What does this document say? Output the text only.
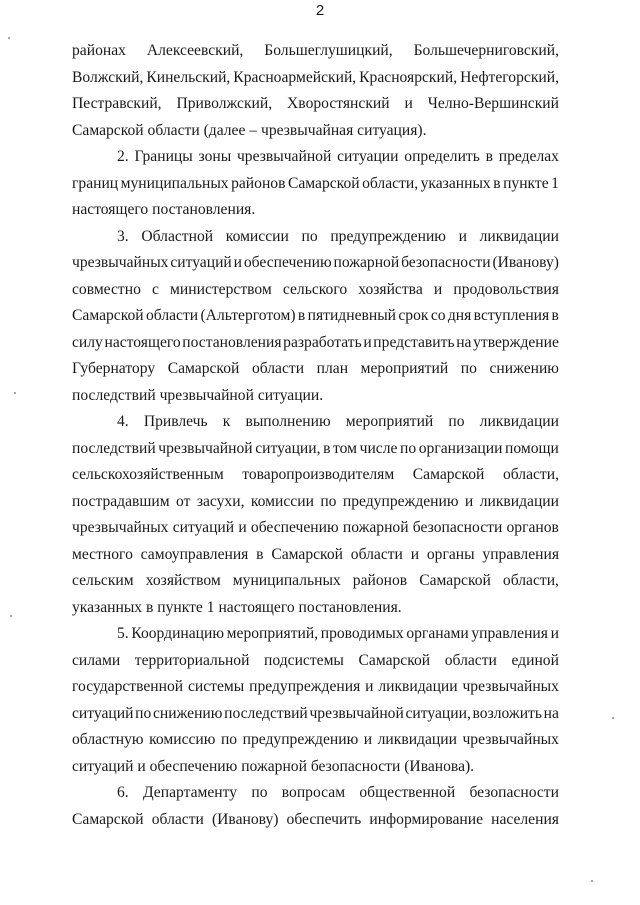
2
районах Алексеевский, Большеглушицкий, Большечерниговский,
Волжский, Кинельский, Красноармейский, Красноярский, Нефтегорский,
Пестравский, Приволжский, Хворостянский и Челно-Вершинский
Самарской области (далее – чрезвычайная ситуация).
2. Границы зоны чрезвычайной ситуации определить в пределах
границ муниципальных районов Самарской области, указанных в пункте 1
настоящего постановления.
3. Областной комиссии по предупреждению и ликвидации
чрезвычайных ситуаций и обеспечению пожарной безопасности (Иванову)
совместно с министерством сельского хозяйства и продовольствия
Самарской области (Альтерготом) в пятидневный срок со дня вступления в
силу настоящего постановления разработать и представить на утверждение
Губернатору Самарской области план мероприятий по снижению
последствий чрезвычайной ситуации.
4. Привлечь к выполнению мероприятий по ликвидации
последствий чрезвычайной ситуации, в том числе по организации помощи
сельскохозяйственным товаропроизводителям Самарской области,
пострадавшим от засухи, комиссии по предупреждению и ликвидации
чрезвычайных ситуаций и обеспечению пожарной безопасности органов
местного самоуправления в Самарской области и органы управления
сельским хозяйством муниципальных районов Самарской области,
указанных в пункте 1 настоящего постановления.
5. Координацию мероприятий, проводимых органами управления и
силами территориальной подсистемы Самарской области единой
государственной системы предупреждения и ликвидации чрезвычайных
ситуаций по снижению последствий чрезвычайной ситуации, возложить на
областную комиссию по предупреждению и ликвидации чрезвычайных
ситуаций и обеспечению пожарной безопасности (Иванова).
6. Департаменту по вопросам общественной безопасности
Самарской области (Иванову) обеспечить информирование населения
